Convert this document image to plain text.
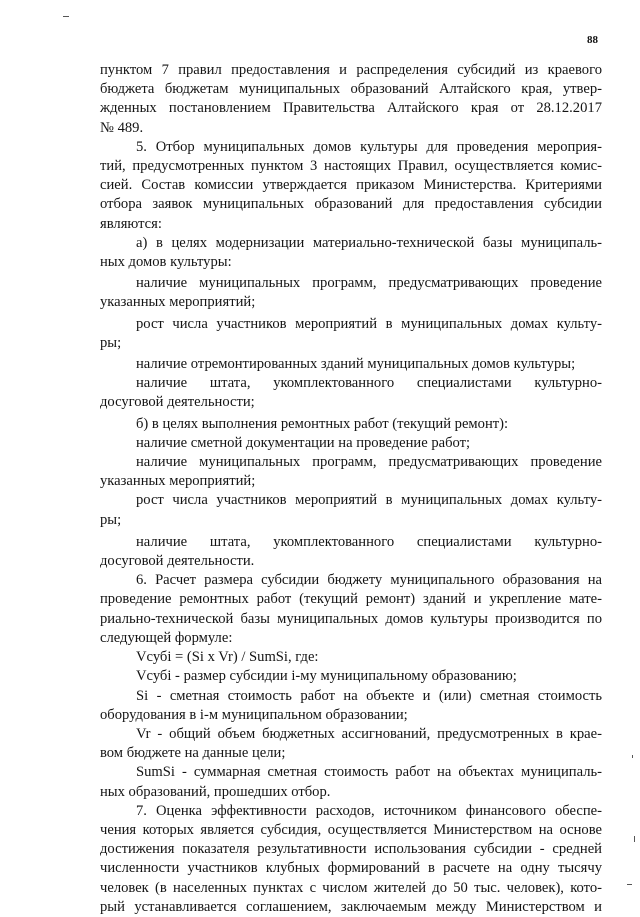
88

пунктом 7 правил предоставления и распределения субсидий из краевого
бюджета бюджетам муниципальных образований Алтайского края, утвер-
жденных постановлением Правительства Алтайского края от 28.12.2017
№ 489.

5. Отбор муниципальных домов культуры для проведения мероприя-
тий, предусмотренных пунктом 3 настоящих Правил, осуществляется комис-
сией. Состав комиссии утверждается приказом Министерства. Критериями
отбора заявок муниципальных образований для предоставления субсидии
являются:

а) в целях модернизации материально-технической базы муниципаль-
ных домов культуры:

наличие муниципальных программ, предусматривающих проведение
указанных мероприятий;

рост числа участников мероприятий в муниципальных домах культу-
ры;

наличие отремонтированных зданий муниципальных домов культуры;

наличие штата, укомплектованного специалистами культурно-
досуговой деятельности;

б) в целях выполнения ремонтных работ (текущий ремонт):

наличие сметной документации на проведение работ;

наличие муниципальных программ, предусматривающих проведение
указанных мероприятий;

рост числа участников мероприятий в муниципальных домах культу-
ры;

наличие штата, укомплектованного специалистами культурно-
досуговой деятельности.

6. Расчет размера субсидии бюджету муниципального образования на
проведение ремонтных работ (текущий ремонт) зданий и укрепление мате-
риально-технической базы муниципальных домов культуры производится по
следующей формуле:

Vсубi = (Si x Vr) / SumSi, где:

Vсубi - размер субсидии i-му муниципальному образованию;

Si - сметная стоимость работ на объекте и (или) сметная стоимость
оборудования в i-м муниципальном образовании;

Vr - общий объем бюджетных ассигнований, предусмотренных в крае-
вом бюджете на данные цели;

SumSi - суммарная сметная стоимость работ на объектах муниципаль-
ных образований, прошедших отбор.

7. Оценка эффективности расходов, источником финансового обеспе-
чения которых является субсидия, осуществляется Министерством на основе
достижения показателя результативности использования субсидии - средней
численности участников клубных формирований в расчете на одну тысячу
человек (в населенных пунктах с числом жителей до 50 тыс. человек), кото-
рый устанавливается соглашением, заключаемым между Министерством и
